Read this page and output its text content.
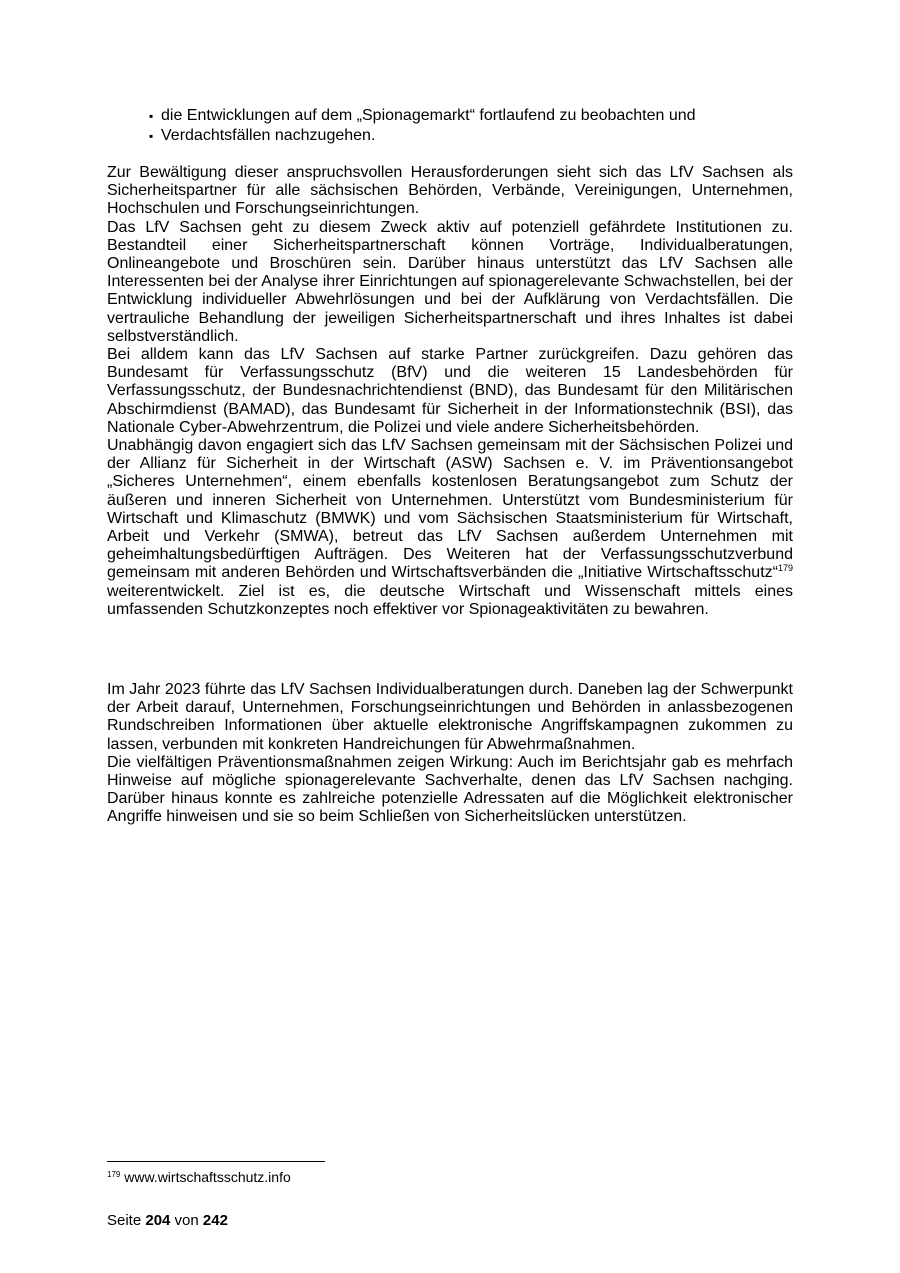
▪ die Entwicklungen auf dem „Spionagemarkt“ fortlaufend zu beobachten und
▪ Verdachtsfällen nachzugehen.

Zur Bewältigung dieser anspruchsvollen Herausforderungen sieht sich das LfV Sachsen als Sicherheitspartner für alle sächsischen Behörden, Verbände, Vereinigungen, Unternehmen, Hochschulen und Forschungseinrichtungen.

Das LfV Sachsen geht zu diesem Zweck aktiv auf potenziell gefährdete Institutionen zu. Bestandteil einer Sicherheitspartnerschaft können Vorträge, Individualberatungen, Onlineangebote und Broschüren sein. Darüber hinaus unterstützt das LfV Sachsen alle Interessenten bei der Analyse ihrer Einrichtungen auf spionagerelevante Schwachstellen, bei der Entwicklung individueller Abwehrlösungen und bei der Aufklärung von Verdachtsfällen. Die vertrauliche Behandlung der jeweiligen Sicherheitspartnerschaft und ihres Inhaltes ist dabei selbstverständlich.

Bei alldem kann das LfV Sachsen auf starke Partner zurückgreifen. Dazu gehören das Bundesamt für Verfassungsschutz (BfV) und die weiteren 15 Landesbehörden für Verfassungsschutz, der Bundesnachrichtendienst (BND), das Bundesamt für den Militärischen Abschirmdienst (BAMAD), das Bundesamt für Sicherheit in der Informationstechnik (BSI), das Nationale Cyber-Abwehrzentrum, die Polizei und viele andere Sicherheitsbehörden.

Unabhängig davon engagiert sich das LfV Sachsen gemeinsam mit der Sächsischen Polizei und der Allianz für Sicherheit in der Wirtschaft (ASW) Sachsen e. V. im Präventionsangebot „Sicheres Unternehmen“, einem ebenfalls kostenlosen Beratungsangebot zum Schutz der äußeren und inneren Sicherheit von Unternehmen. Unterstützt vom Bundesministerium für Wirtschaft und Klimaschutz (BMWK) und vom Sächsischen Staatsministerium für Wirtschaft, Arbeit und Verkehr (SMWA), betreut das LfV Sachsen außerdem Unternehmen mit geheimhaltungsbedürftigen Aufträgen. Des Weiteren hat der Verfassungsschutzverbund gemeinsam mit anderen Behörden und Wirtschaftsverbänden die „Initiative Wirtschaftsschutz“$^{179}$ weiterentwickelt. Ziel ist es, die deutsche Wirtschaft und Wissenschaft mittels eines umfassenden Schutzkonzeptes noch effektiver vor Spionageaktivitäten zu bewahren.

Im Jahr 2023 führte das LfV Sachsen Individualberatungen durch. Daneben lag der Schwerpunkt der Arbeit darauf, Unternehmen, Forschungseinrichtungen und Behörden in anlassbezogenen Rundschreiben Informationen über aktuelle elektronische Angriffskampagnen zukommen zu lassen, verbunden mit konkreten Handreichungen für Abwehrmaßnahmen.

Die vielfältigen Präventionsmaßnahmen zeigen Wirkung: Auch im Berichtsjahr gab es mehrfach Hinweise auf mögliche spionagerelevante Sachverhalte, denen das LfV Sachsen nachging. Darüber hinaus konnte es zahlreiche potenzielle Adressaten auf die Möglichkeit elektronischer Angriffe hinweisen und sie so beim Schließen von Sicherheitslücken unterstützen.

$^{179}$ www.wirtschaftsschutz.info
Seite 204 von 242
